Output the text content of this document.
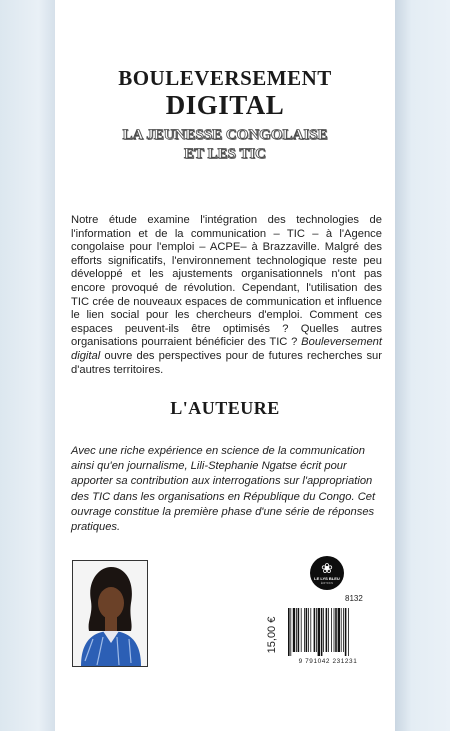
BOULEVERSEMENT
DIGITAL
LA JEUNESSE CONGOLAISE
ET LES TIC
Notre étude examine l'intégration des technologies de l'information et de la communication – TIC – à l'Agence congolaise pour l'emploi – ACPE– à Brazzaville. Malgré des efforts significatifs, l'environnement technologique reste peu développé et les ajustements organisationnels n'ont pas encore provoqué de révolution. Cependant, l'utilisation des TIC crée de nouveaux espaces de communication et influence le lien social pour les chercheurs d'emploi. Comment ces espaces peuvent-ils être optimisés ? Quelles autres organisations pourraient bénéficier des TIC ? Bouleversement digital ouvre des perspectives pour de futures recherches sur d'autres territoires.
L'AUTEURE
Avec une riche expérience en science de la communication ainsi qu'en journalisme, Lili-Stephanie Ngatse écrit pour apporter sa contribution aux interrogations sur l'appropriation des TIC dans les organisations en République du Congo. Cet ouvrage constitue la première phase d'une série de réponses pratiques.
❀
LE LYS BLEU
ÉDITIONS
8132
15,00 €
9 791042 231231
